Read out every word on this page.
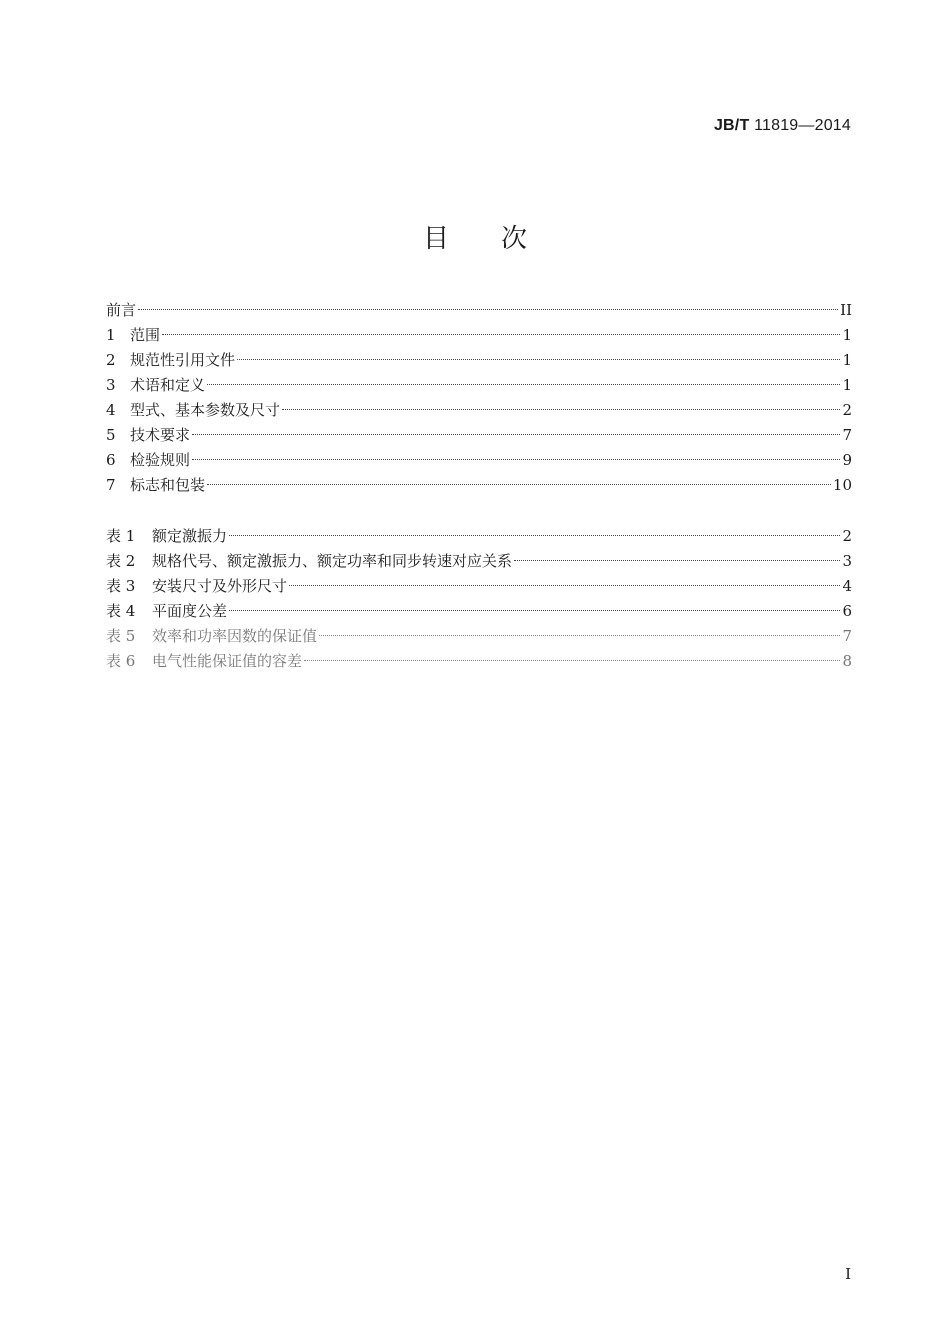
JB/T 11819—2014
目 次
前言	II
1 范围	1
2 规范性引用文件	1
3 术语和定义	1
4 型式、基本参数及尺寸	2
5 技术要求	7
6 检验规则	9
7 标志和包装	10
表 1	额定激振力	2
表 2	规格代号、额定激振力、额定功率和同步转速对应关系	3
表 3	安装尺寸及外形尺寸	4
表 4	平面度公差	6
表 5	效率和功率因数的保证值	7
表 6	电气性能保证值的容差	8
I
